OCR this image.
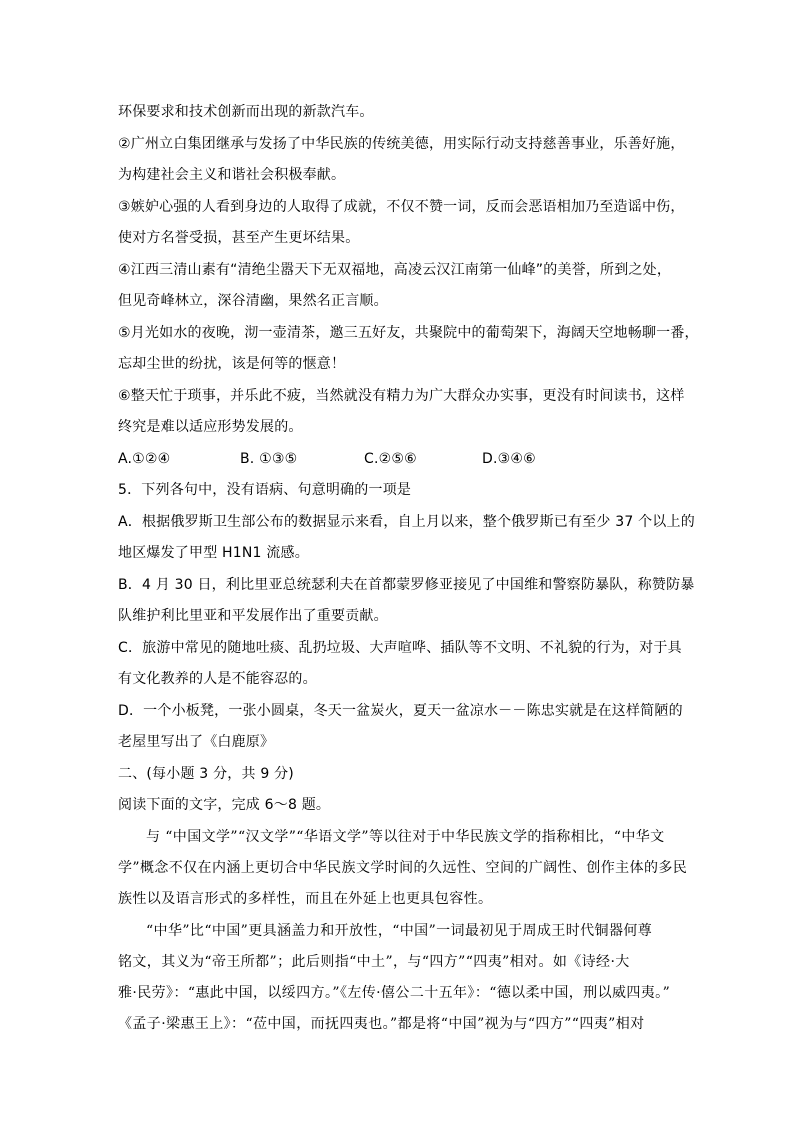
环保要求和技术创新而出现的新款汽车。
②广州立白集团继承与发扬了中华民族的传统美德，用实际行动支持慈善事业，乐善好施，
为构建社会主义和谐社会积极奉献。
③嫉妒心强的人看到身边的人取得了成就，不仅不赞一词，反而会恶语相加乃至造谣中伤，
使对方名誉受损，甚至产生更坏结果。
④江西三清山素有“清绝尘嚣天下无双福地，高凌云汉江南第一仙峰”的美誉，所到之处，
但见奇峰林立，深谷清幽，果然名正言顺。
⑤月光如水的夜晚，沏一壶清茶，邀三五好友，共聚院中的葡萄架下，海阔天空地畅聊一番，
忘却尘世的纷扰，该是何等的惬意！
⑥整天忙于琐事，并乐此不疲，当然就没有精力为广大群众办实事，更没有时间读书，这样
终究是难以适应形势发展的。
A.①②④	B. ①③⑤	C.②⑤⑥	D.③④⑥
5．下列各句中，没有语病、句意明确的一项是
A．根据俄罗斯卫生部公布的数据显示来看，自上月以来，整个俄罗斯已有至少 37 个以上的
地区爆发了甲型 H1N1 流感。
B．4 月 30 日，利比里亚总统瑟利夫在首都蒙罗修亚接见了中国维和警察防暴队，称赞防暴
队维护利比里亚和平发展作出了重要贡献。
C．旅游中常见的随地吐痰、乱扔垃圾、大声喧哗、插队等不文明、不礼貌的行为，对于具
有文化教养的人是不能容忍的。
D．一个小板凳，一张小圆桌，冬天一盆炭火，夏天一盆凉水－－陈忠实就是在这样简陋的
老屋里写出了《白鹿原》
二、(每小题 3 分，共 9 分)
阅读下面的文字，完成 6～8 题。
与 “中国文学”“汉文学”“华语文学”等以往对于中华民族文学的指称相比，“中华文
学”概念不仅在内涵上更切合中华民族文学时间的久远性、空间的广阔性、创作主体的多民
族性以及语言形式的多样性，而且在外延上也更具包容性。
“中华”比“中国”更具涵盖力和开放性，“中国”一词最初见于周成王时代铜器何尊
铭文，其义为“帝王所都”；此后则指“中土”，与“四方”“四夷”相对。如《诗经·大
雅·民劳》：“惠此中国，以绥四方。”《左传·僖公二十五年》：“德以柔中国，刑以威四夷。”
《孟子·梁惠王上》：“莅中国，而抚四夷也。”都是将“中国”视为与“四方”“四夷”相对
